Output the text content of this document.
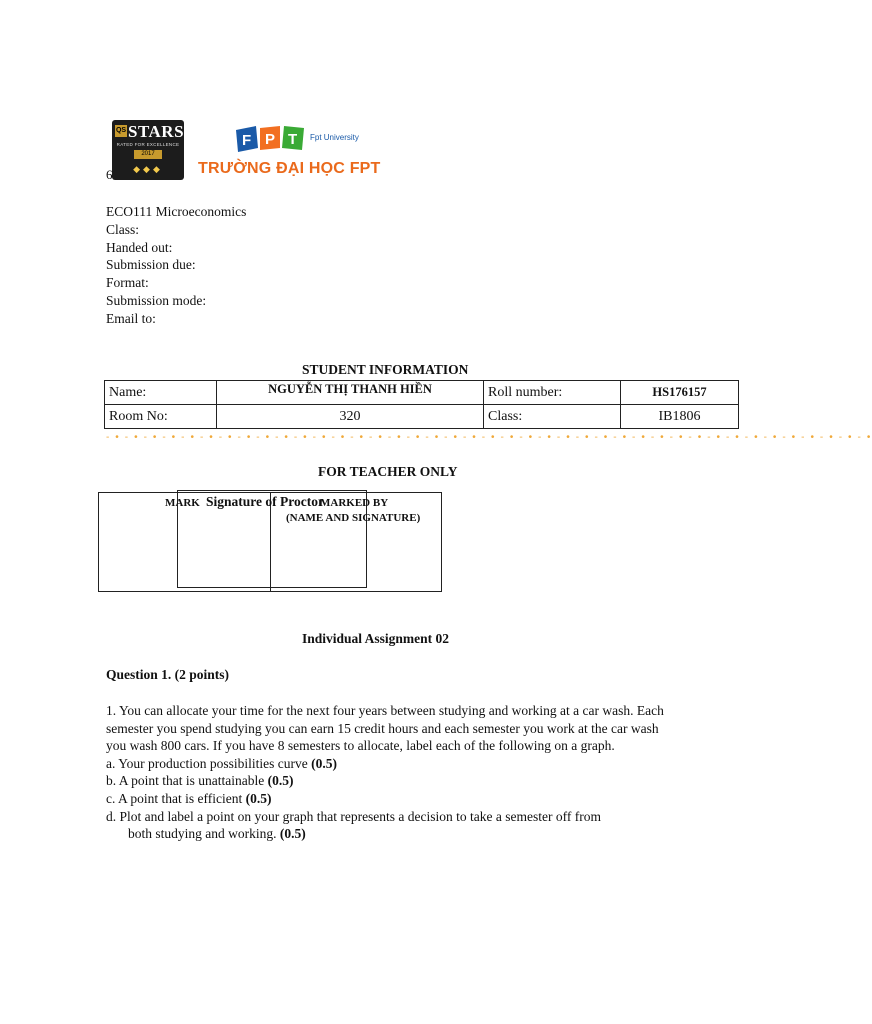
QS STARS
RATED FOR EXCELLENCE
2017
◆◆◆
F P T Fpt University
TRƯỜNG ĐẠI HỌC FPT
6
ECO111 Microeconomics
Class:
Handed out:
Submission due:
Format:
Submission mode:
Email to:
STUDENT INFORMATION
Name:	NGUYỄN THỊ THANH HIỀN	Roll number:	HS176157
Room No:	320	Class:	IB1806
- • - • - • - • - • - • - • - • - • - • - • - • - • - • - • - • - • - • - • - • - • - • - • - • - • - • - • - • - • - • - • - • - • - • - • - • - • - • - • - • - •
FOR TEACHER ONLY
MARK Signature of Proctor
MARKED BY
(NAME AND SIGNATURE)
Individual Assignment 02
Question 1. (2 points)

1. You can allocate your time for the next four years between studying and working at a car wash. Each semester you spend studying you can earn 15 credit hours and each semester you work at the car wash you wash 800 cars. If you have 8 semesters to allocate, label each of the following on a graph.

a. Your production possibilities curve (0.5)
b. A point that is unattainable (0.5)
c. A point that is efficient (0.5)
d. Plot and label a point on your graph that represents a decision to take a semester off from
both studying and working. (0.5)
